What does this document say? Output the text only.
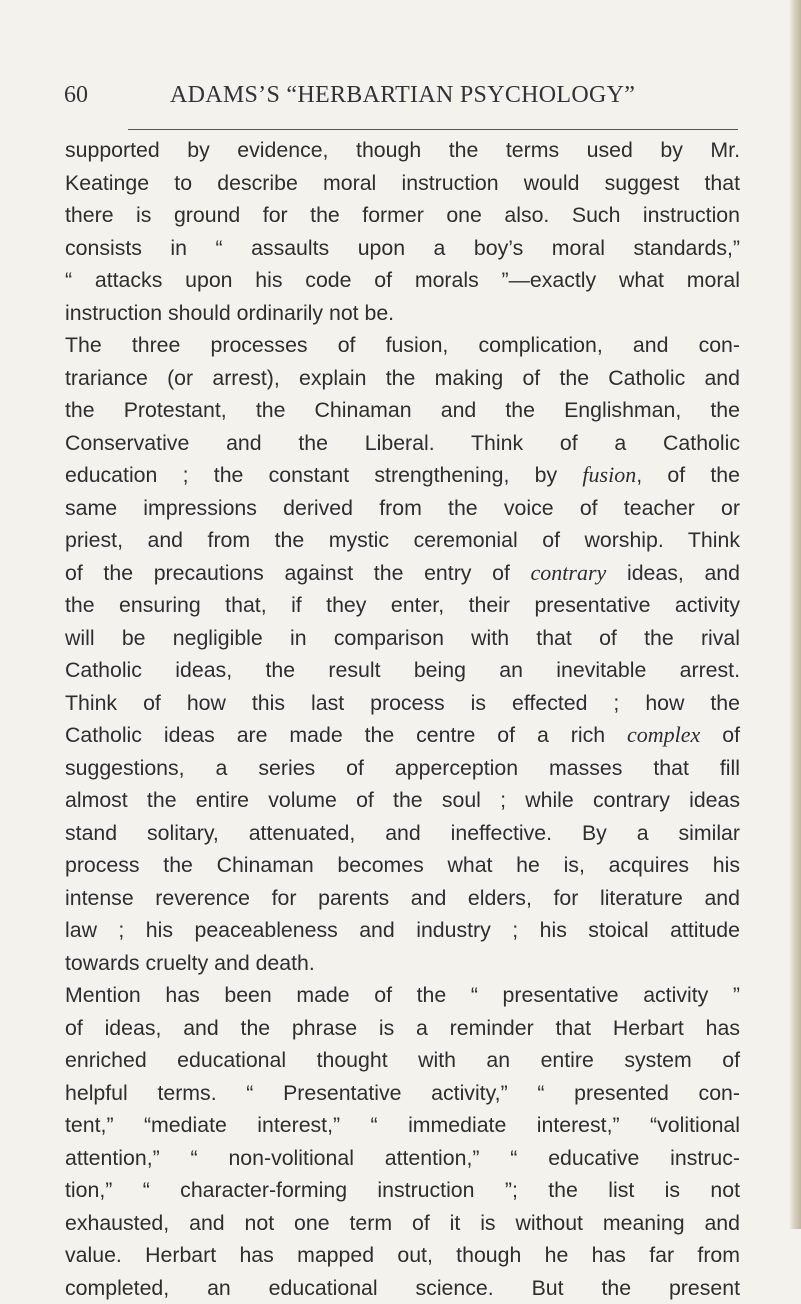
60	ADAMS’S “HERBARTIAN PSYCHOLOGY”

supported by evidence, though the terms used by Mr.

Keatinge to describe moral instruction would suggest that

there is ground for the former one also. Such instruction

consists in “ assaults upon a boy’s moral standards,”

“ attacks upon his code of morals ”—exactly what moral

instruction should ordinarily not be.

The three processes of fusion, complication, and con-

trariance (or arrest), explain the making of the Catholic and

the Protestant, the Chinaman and the Englishman, the

Conservative and the Liberal. Think of a Catholic

education ; the constant strengthening, by fusion, of the

same impressions derived from the voice of teacher or

priest, and from the mystic ceremonial of worship. Think

of the precautions against the entry of contrary ideas, and

the ensuring that, if they enter, their presentative activity

will be negligible in comparison with that of the rival

Catholic ideas, the result being an inevitable arrest.

Think of how this last process is effected ; how the

Catholic ideas are made the centre of a rich complex of

suggestions, a series of apperception masses that fill

almost the entire volume of the soul ; while contrary ideas

stand solitary, attenuated, and ineffective. By a similar

process the Chinaman becomes what he is, acquires his

intense reverence for parents and elders, for literature and

law ; his peaceableness and industry ; his stoical attitude

towards cruelty and death.

Mention has been made of the “ presentative activity ”

of ideas, and the phrase is a reminder that Herbart has

enriched educational thought with an entire system of

helpful terms. “ Presentative activity,” “ presented con-

tent,” “mediate interest,” “ immediate interest,” “volitional

attention,” “ non-volitional attention,” “ educative instruc-

tion,” “ character-forming instruction ”; the list is not

exhausted, and not one term of it is without meaning and

value. Herbart has mapped out, though he has far from

completed, an educational science. But the present
